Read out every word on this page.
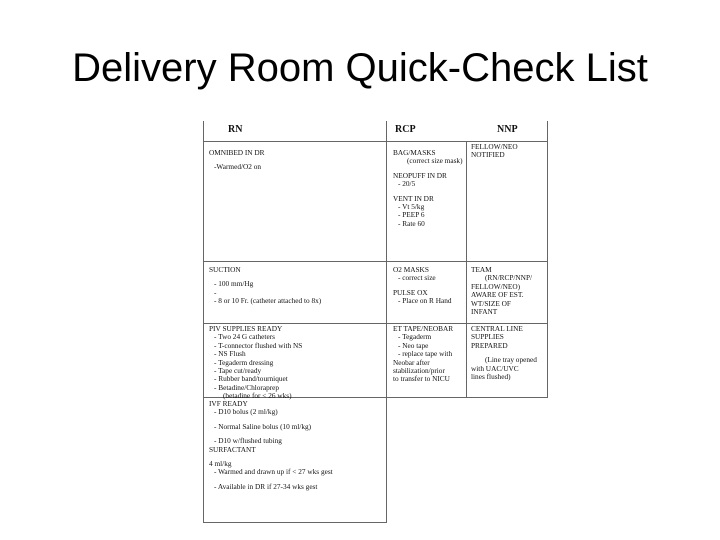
Delivery Room Quick-Check List
RN	RCP	NNP
OMNIBED IN DR
-Warmed/O2 on
BAG/MASKS
(correct size mask)
NEOPUFF IN DR
- 20/5
VENT IN DR
- Vt 5/kg
- PEEP 6
- Rate 60
FELLOW/NEO
NOTIFIED
SUCTION
- 100 mm/Hg
-
- 8 or 10 Fr. (catheter attached to 8x)
O2 MASKS
- correct size
PULSE OX
- Place on R Hand
TEAM
(RN/RCP/NNP/
FELLOW/NEO)
AWARE OF EST.
WT/SIZE OF
INFANT
PIV SUPPLIES READY
- Two 24 G catheters
- T-connector flushed with NS
- NS Flush
- Tegaderm dressing
- Tape cut/ready
- Rubber band/tourniquet
- Betadine/Chloraprep
(betadine for < 26 wks)
ET TAPE/NEOBAR
- Tegaderm
- Neo tape
- replace tape with
Neobar after
stabilization/prior
to transfer to NICU
CENTRAL LINE
SUPPLIES
PREPARED
(Line tray opened
with UAC/UVC
lines flushed)
IVF READY
- D10 bolus (2 ml/kg)
- Normal Saline bolus (10 ml/kg)
- D10 w/flushed tubing
SURFACTANT
4 ml/kg
- Warmed and drawn up if < 27 wks gest
- Available in DR if 27-34 wks gest
